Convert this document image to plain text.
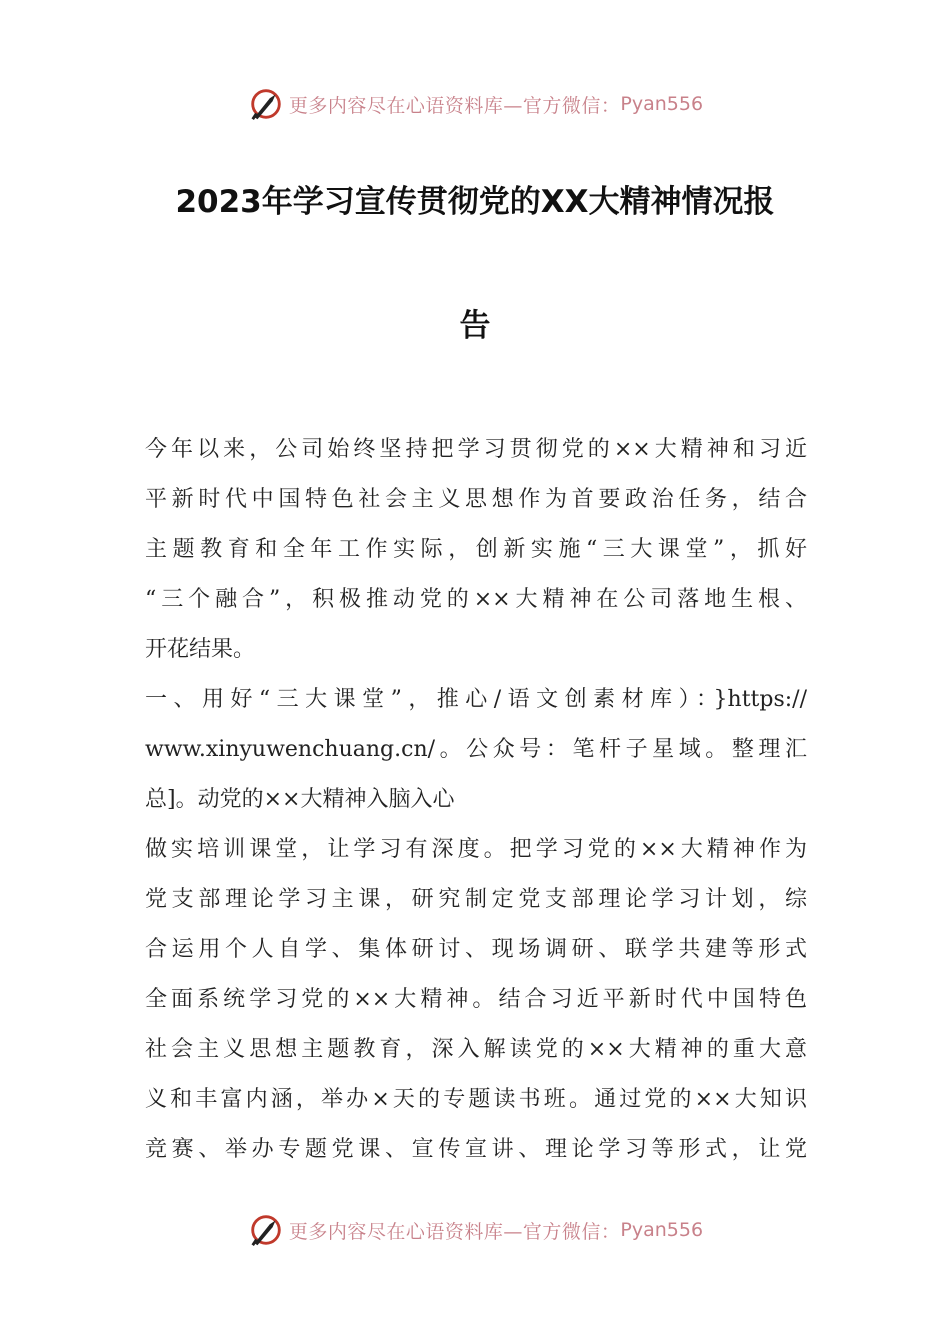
更多内容尽在心语资料库—官方微信： Pyan556
2023年学习宣传贯彻党的XX大精神情况报
告
今年以来，公司始终坚持把学习贯彻党的××大精神和习近
平新时代中国特色社会主义思想作为首要政治任务，结合
主题教育和全年工作实际，创新实施“三大课堂”，抓好
“三个融合”，积极推动党的××大精神在公司落地生根、
开花结果。
一、用好“三大课堂”，推心/语文创素材库）：}https://
www.xinyuwenchuang.cn/。公众号：笔杆子星域。整理汇
总]。动党的××大精神入脑入心
做实培训课堂，让学习有深度。把学习党的××大精神作为
党支部理论学习主课，研究制定党支部理论学习计划，综
合运用个人自学、集体研讨、现场调研、联学共建等形式
全面系统学习党的××大精神。结合习近平新时代中国特色
社会主义思想主题教育，深入解读党的××大精神的重大意
义和丰富内涵，举办×天的专题读书班。通过党的××大知识
竞赛、举办专题党课、宣传宣讲、理论学习等形式，让党
更多内容尽在心语资料库—官方微信： Pyan556
